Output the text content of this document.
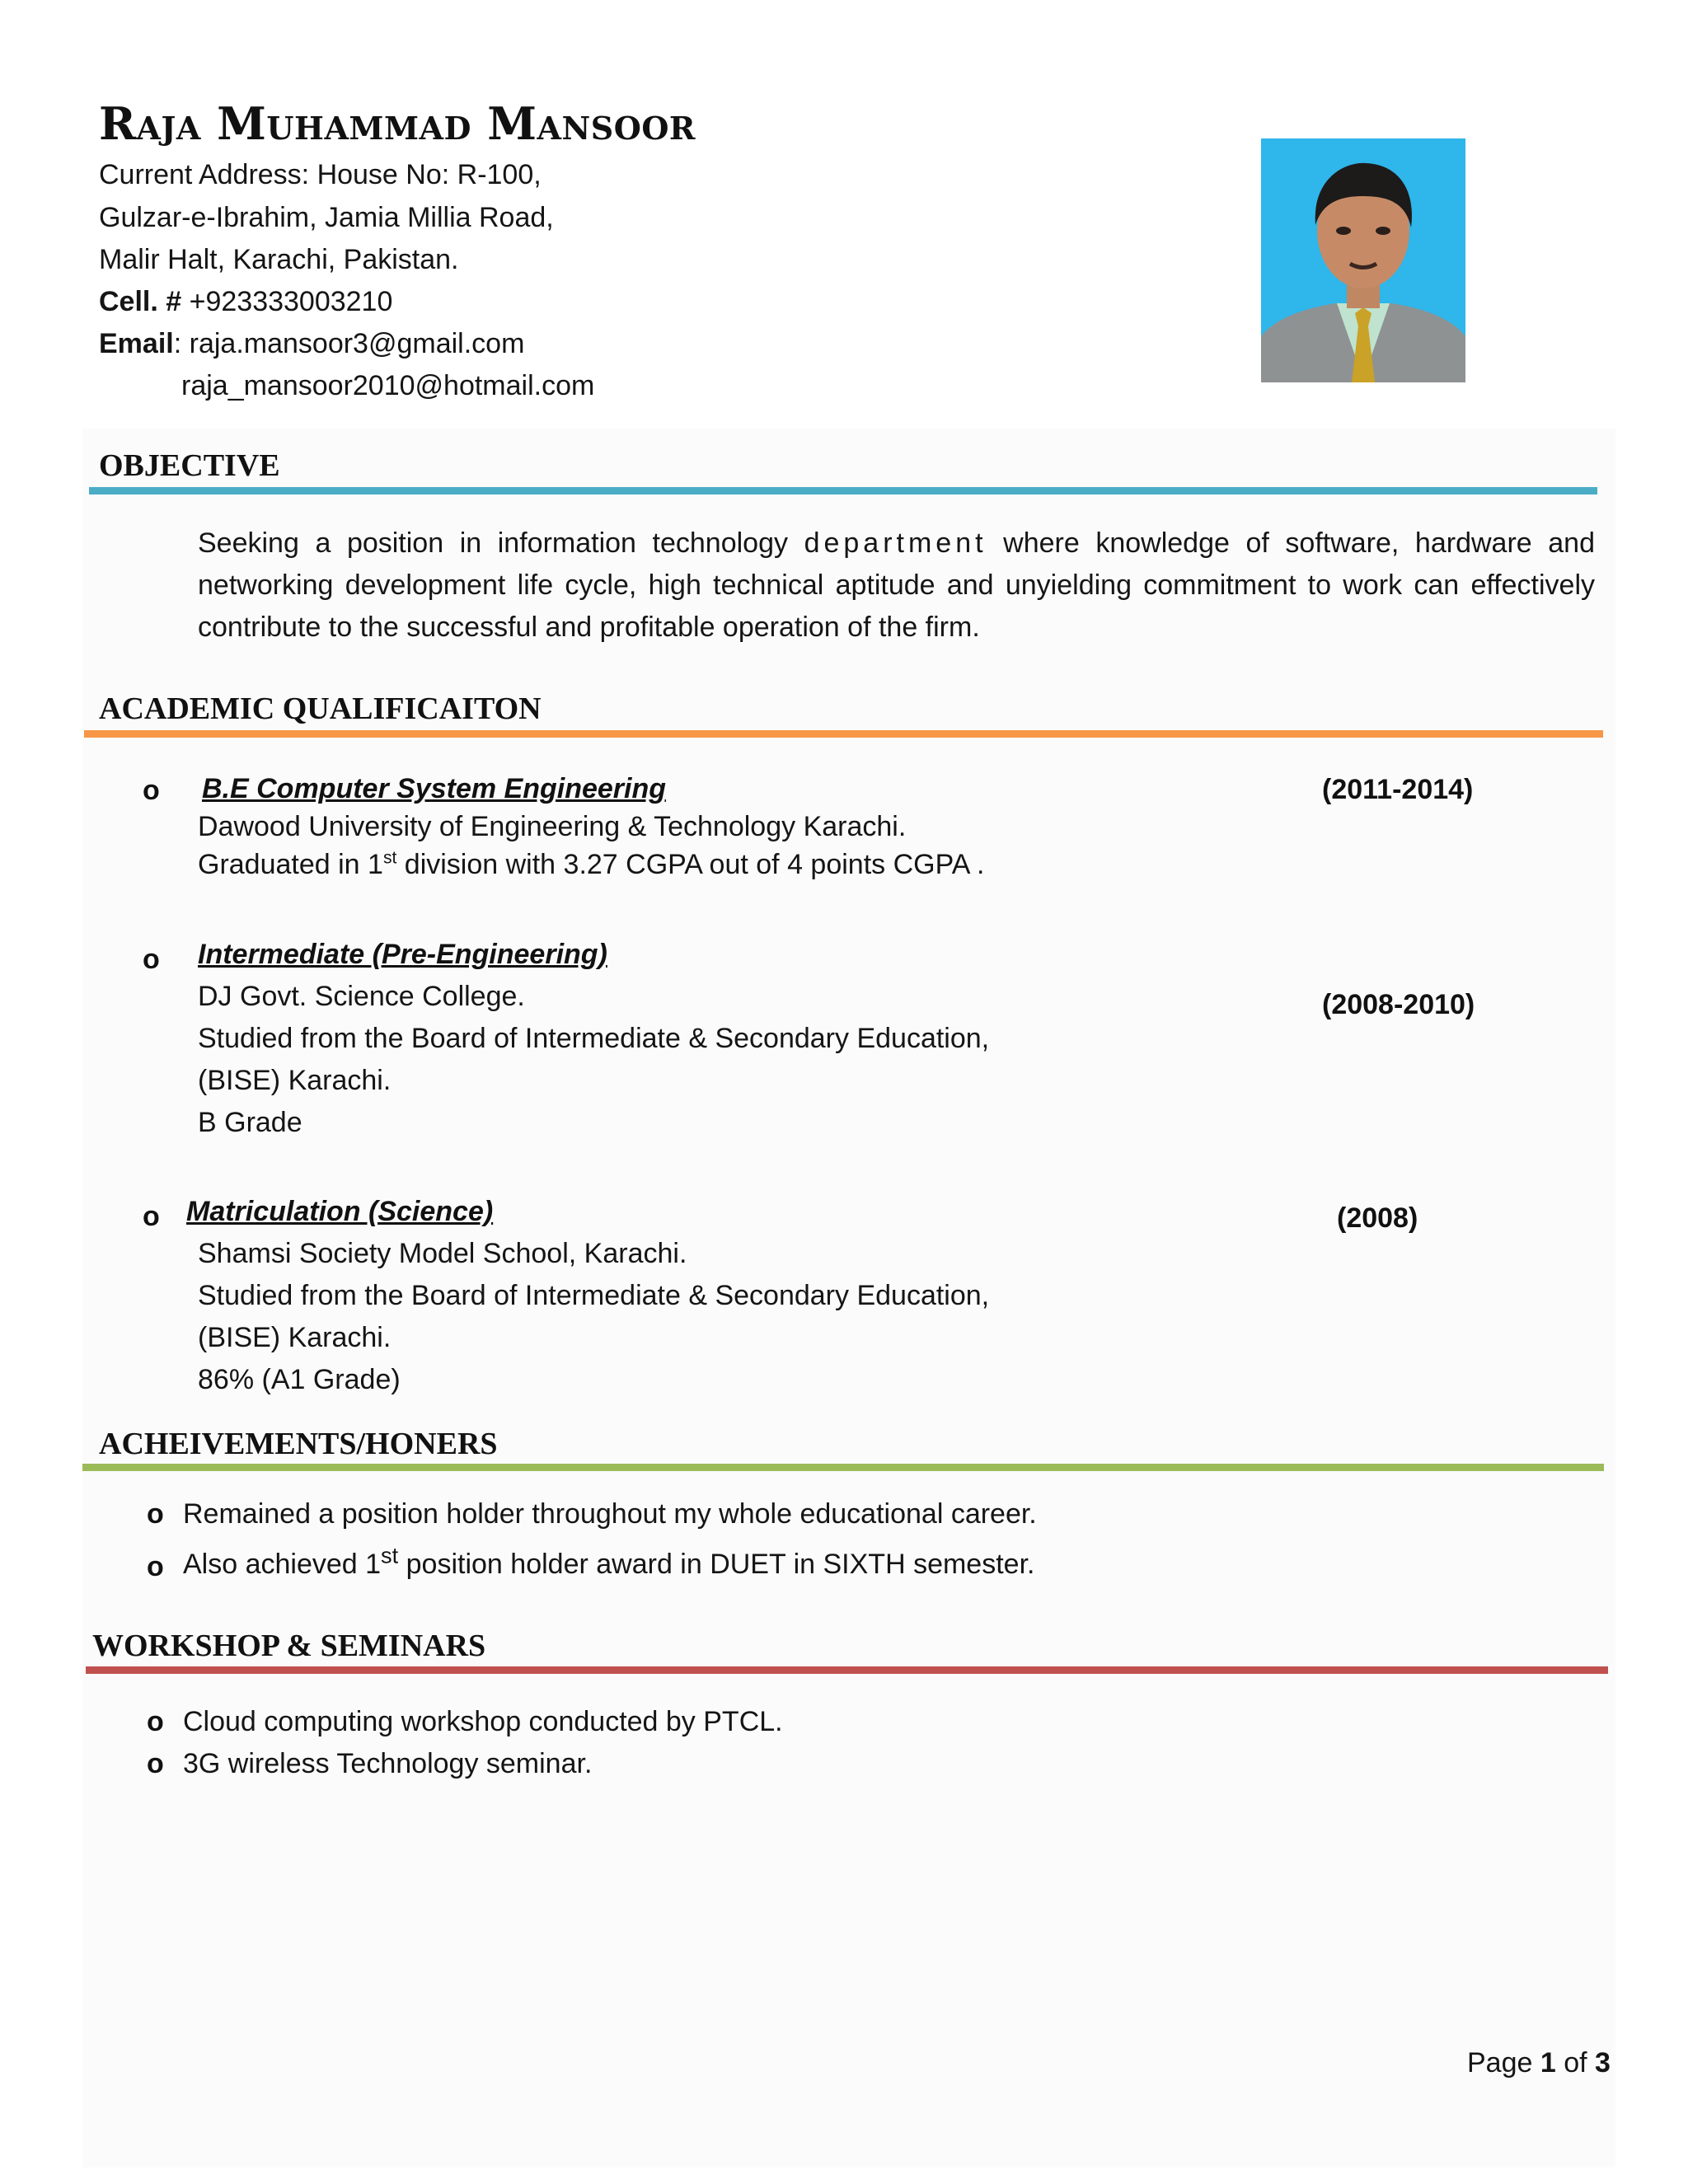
Raja Muhammad Mansoor
Current Address: House No: R-100,
Gulzar-e-Ibrahim, Jamia Millia Road,
Malir Halt, Karachi, Pakistan.
Cell. # +923333003210
Email: raja.mansoor3@gmail.com
raja_mansoor2010@hotmail.com
OBJECTIVE
Seeking a position in information technology department where knowledge of software, hardware and networking development life cycle, high technical aptitude and unyielding commitment to work can effectively contribute to the successful and profitable operation of the firm.
ACADEMIC QUALIFICAITON
o B.E Computer System Engineering	(2011-2014)
Dawood University of Engineering & Technology Karachi.
Graduated in 1st division with 3.27 CGPA out of 4 points CGPA .
o Intermediate (Pre-Engineering)
(2008-2010)
DJ Govt. Science College.
Studied from the Board of Intermediate & Secondary Education,
(BISE) Karachi.
B Grade
o Matriculation (Science)	(2008)
Shamsi Society Model School, Karachi.
Studied from the Board of Intermediate & Secondary Education,
(BISE) Karachi.
86% (A1 Grade)
ACHEIVEMENTS/HONERS
o Remained a position holder throughout my whole educational career.
o Also achieved 1st position holder award in DUET in SIXTH semester.
WORKSHOP & SEMINARS
o Cloud computing workshop conducted by PTCL.
o 3G wireless Technology seminar.
Page 1 of 3
